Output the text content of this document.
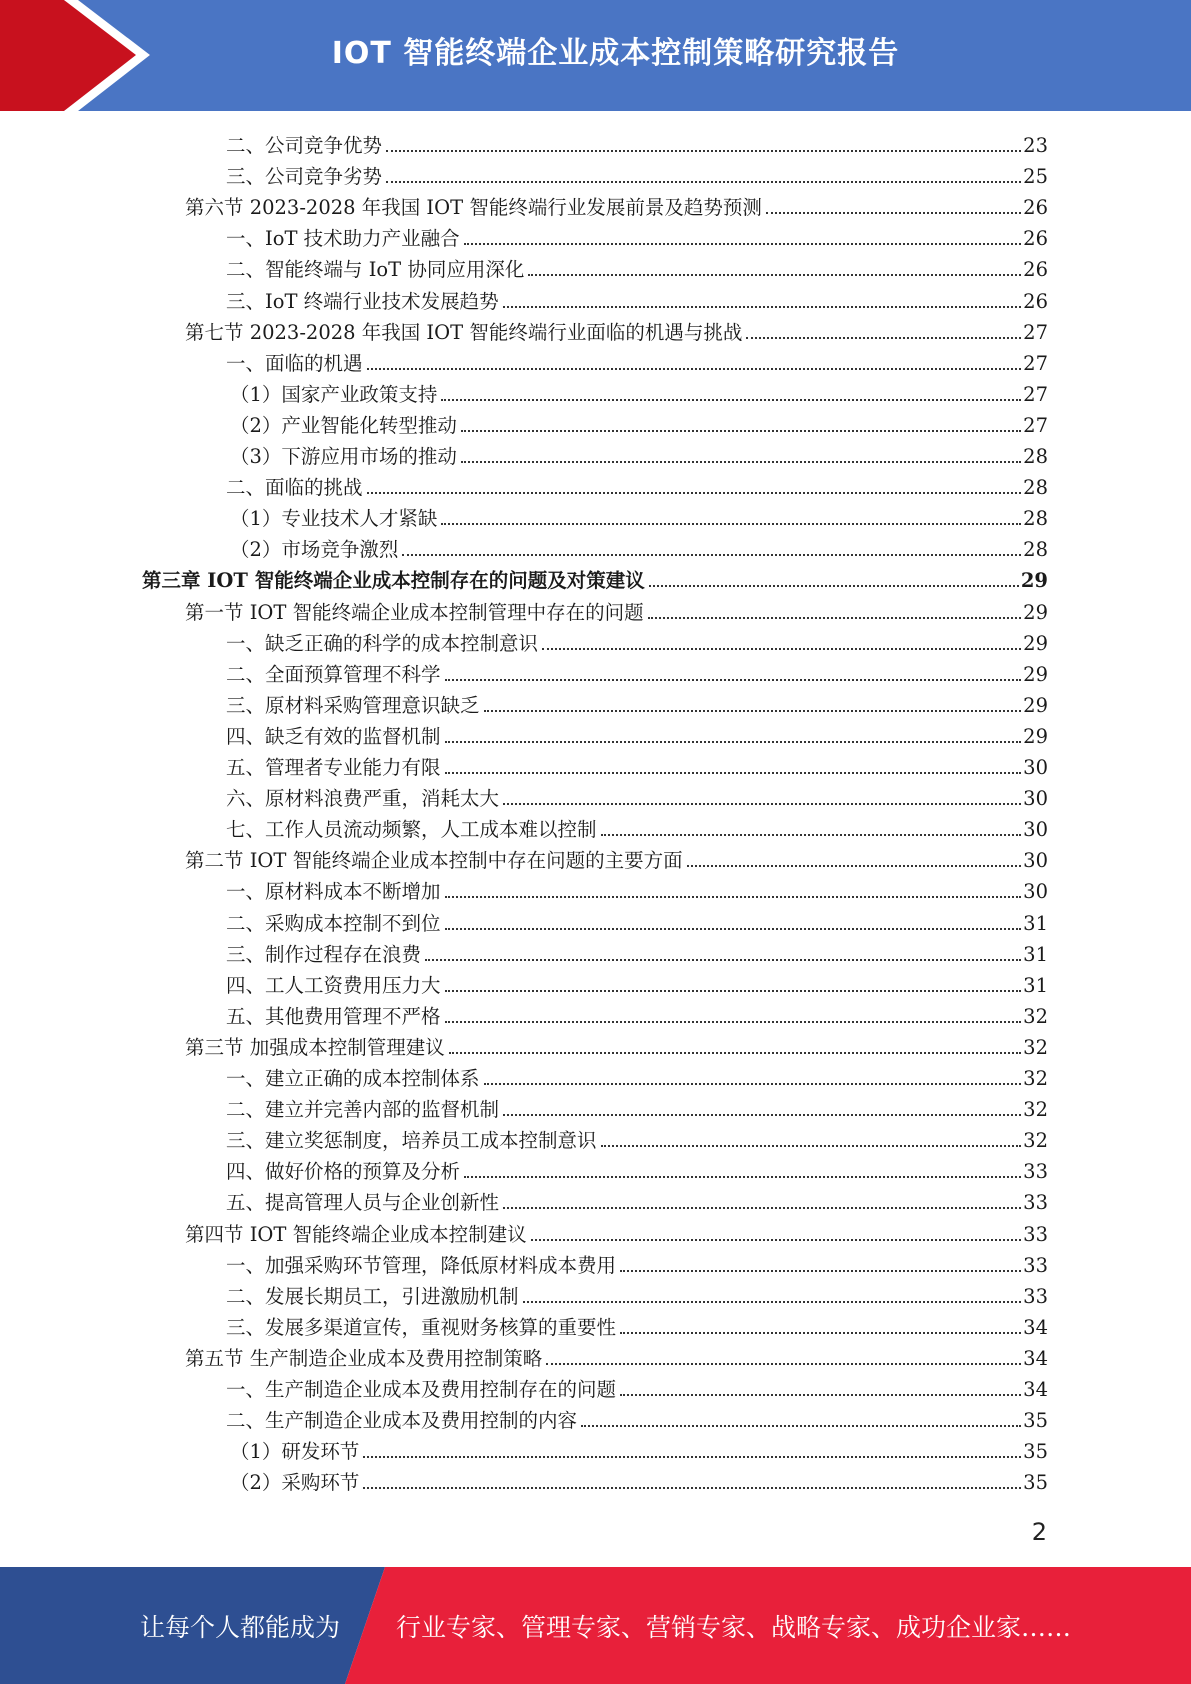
IOT 智能终端企业成本控制策略研究报告
二、公司竞争优势	23
三、公司竞争劣势	25
第六节 2023-2028 年我国 IOT 智能终端行业发展前景及趋势预测	26
一、IoT 技术助力产业融合	26
二、智能终端与 IoT 协同应用深化	26
三、IoT 终端行业技术发展趋势	26
第七节 2023-2028 年我国 IOT 智能终端行业面临的机遇与挑战	27
一、面临的机遇	27
（1）国家产业政策支持	27
（2）产业智能化转型推动	27
（3）下游应用市场的推动	28
二、面临的挑战	28
（1）专业技术人才紧缺	28
（2）市场竞争激烈	28
第三章 IOT 智能终端企业成本控制存在的问题及对策建议	29
第一节 IOT 智能终端企业成本控制管理中存在的问题	29
一、缺乏正确的科学的成本控制意识	29
二、全面预算管理不科学	29
三、原材料采购管理意识缺乏	29
四、缺乏有效的监督机制	29
五、管理者专业能力有限	30
六、原材料浪费严重，消耗太大	30
七、工作人员流动频繁，人工成本难以控制	30
第二节 IOT 智能终端企业成本控制中存在问题的主要方面	30
一、原材料成本不断增加	30
二、采购成本控制不到位	31
三、制作过程存在浪费	31
四、工人工资费用压力大	31
五、其他费用管理不严格	32
第三节 加强成本控制管理建议	32
一、建立正确的成本控制体系	32
二、建立并完善内部的监督机制	32
三、建立奖惩制度，培养员工成本控制意识	32
四、做好价格的预算及分析	33
五、提高管理人员与企业创新性	33
第四节 IOT 智能终端企业成本控制建议	33
一、加强采购环节管理，降低原材料成本费用	33
二、发展长期员工，引进激励机制	33
三、发展多渠道宣传，重视财务核算的重要性	34
第五节 生产制造企业成本及费用控制策略	34
一、生产制造企业成本及费用控制存在的问题	34
二、生产制造企业成本及费用控制的内容	35
（1）研发环节	35
（2）采购环节	35
2
让每个人都能成为 行业专家、管理专家、营销专家、战略专家、成功企业家……
